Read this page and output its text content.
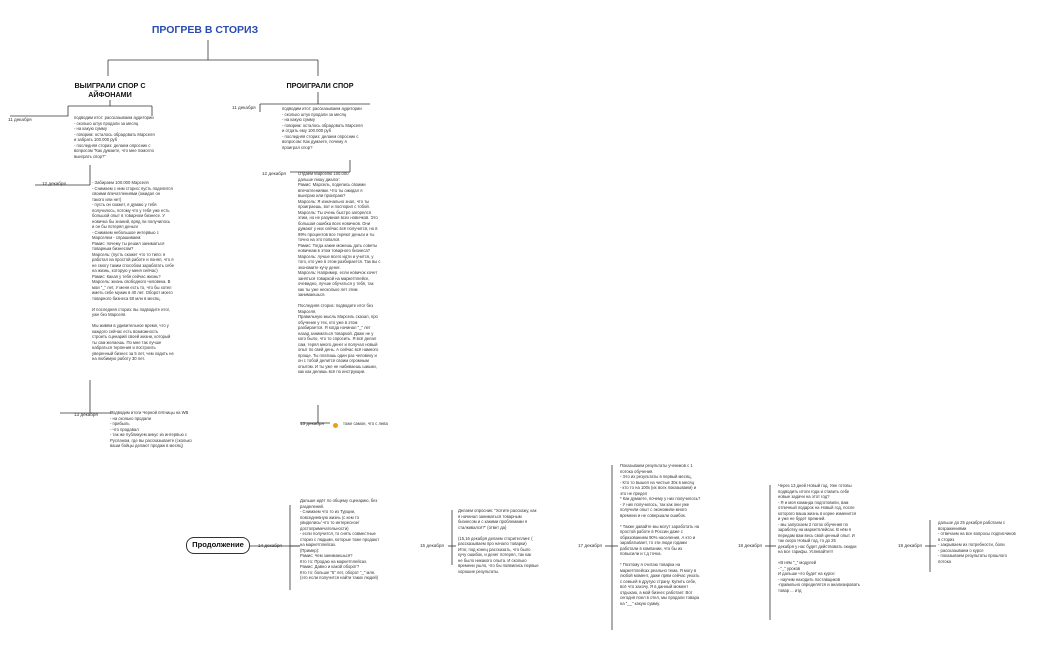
ПРОГРЕВ В СТОРИЗ
ВЫИГРАЛИ СПОР С АЙФОНАМИ
ПРОИГРАЛИ СПОР
11 декабря	подводим итог: рассказываем аудитории
- сколько штук продали за месяц
- на какую сумму
- говорим: осталось обрадовать Марселя
и забрать 100.000 руб
- последняя сториз: делаем опросник с
вопросом "Как думаете, что мне помогло
выиграть спор?"
12 декабря	- Забираем 100.000 Марселя
- Снимаем с ним сториз: пусть поделится
своими впечатлениями (ожидал он
такого или нет)
- пусть он скажет, я думаю у тебя
получилось, потому что у тебя уже есть
большой опыт в товарном бизнесе. У
новичка бы знаний, вряд ли получилось
и он бы потерял деньги
- Снимаем небольшое интервью с
Марселем - спрашиваем:
Рамис: почему ты решил заниматься
товарным бизнесом?
Марсель: (пусть скажет что то типо: я
работал на простой работе и понял, что я
не смогу таким способом зарабатать себе
на жизнь, которую у меня сейчас)
Рамис: Какая у тебя сейчас жизнь?
Марсель: жизнь свободного человека. В
мои "_" лет, У меня есть то, что бы хотел
иметь себе мужик в 40 лет. Оборот моего
товарного бизнеса 50 млн в месяц.

И последняя сториз: вы подводите итог,
уже без Марселя.

Мы живём в удивительное время, что у
каждого сейчас есть возможность
строить сценарий своей жизни, который
ты сам желаешь. По мне так лучше
набраться терпения и построить
уверенный бизнес за 5 лет, чем ходить не
на любимую работу 30 лет.
13 декабря	Подводим итоги Черной пятницы на WB
- на сколько продали
- прибыль
- что продавал
- так же публикуем анкус из интервью с
Русланом, где вы рассказываете (сколько
ваши бойцы делают продаж в месяц)
11 декабря	подводим итог: рассказываем аудитории
- сколько штук продали за месяц
- на какую сумму
- говорим: осталось обрадовать Марселя
и отдать ему 100.000 руб
- последняя сториз: делаем опросник с
вопросом: Как думаете, почему я
проиграл спор?
12 декабря	Отдаём Марселю 100.000
дальше пишу диалог:
Рамис: Марсель, поделись своими
впечатлениями. Что ты ожидал я
выиграю или проиграю?
Марсель: Я изначально знал, что ты
проиграешь, вот и поспорил с тобой.
Марсель: Ты очень быстро загорелся
этим, но не разумная всех новичков. Это
большая ошибка всех новичков. Они
думают у них сейчас всё получится, но в
99% процентов все теряют деньги и ты
точно на это попался.
Рамис: Тогда какие можешь дать советы
новичкам в этом товарного бизнеса?
Марсель: лучше всего идти и учится, у
того, кто уже в этом разбирается. Так вы с
экономите кучу денег.
Марсель: Например, если новичок хочет
заняться товаркой на маркетплейсе,
очевидно, лучше обучаться у тебя, так
как ты уже несколько лет этим
занимаешься.

Последняя сториз: подводите итог без
Марселя.
Правильную мысль Марсель сказал, про
обучение у тех, кто уже в этом
разбирается. Я когда начинал "_" лет
назад заниматься товаркой. Даже не у
кого было, что то спросить. Я всё делал
сам, терял много денег и получал новый
опыт по свей день. А сейчас всё намного
проще. Ты платишь один раз человеку и
он с тобой делится своим огромным
опытом. И ты уже не набиваешь шишки,
как как делишь всё по инструкции.
13 декабря	тоже самое, что с лева
Продолжение	14 декабря
Дальше идёт по общему сценарию, без
разделений.
- Снимаем что то из Турции,
повседневную жизнь (с кем то
увиделись/ что то интересное/
достопримечательности)
- если получится, то снять совместные
сториз с людьми, которые тоже продают
на маркетплейсах.
(Пример):
Рамис: Чем занимаешься?
Кто то: Продаю на маркетплейсах.
Рамис: Давно и какой оборот?
Кто то: больше "5" лет, оборот "_" млн.
(это если получится найти таких людей)
15 декабря
Делаем опросник: "Хотите расскажу, как
я начинал заниматься товарным
бизнесом и с какими проблемами я
сталкивался?" (ответ да)

(15,16 декабря делаем сторителлинг (
рассказываем про начало товарки)
Итог, под конец рассказать, что было
кучу ошибок, и денег потерял, так как
не было никакого опыта. И сколько
времени ушло, что бы появились первые
хорошие результаты.
17 декабря
Показываем результаты учеников с 1
потока обучения.
- Это их результаты в первый месяц,
- Кто то вышел на чистые 30к в месяц
- кто то на 100к (их всех показываем) и
это не предел
* Как думаете, почему у них получилось?
- У них получилось, так как они уже
получили опыт с экономили много
времени и не совершали ошибок.

* Также давайте мы могут заработать на
простой работе в России даже с
образованием 90% населения, А кто и
зарабатывает, то эти люди годами
работали в компании, что бы их
повысили и т.д точка.

* Поэтому я считаю товарка на
маркетплейсах реально тема. Я могу в
любой момент, даже прям сейчас уехать
с семьей в другую страну. Купить себе,
всё что захочу. Я в данный момент
отдыхаю, а мой бизнес работает. Вот
сегодня поел в отел, мы продали товара
на "__" какую сумму.
18 декабря
Через 13 дней Новый год. Уже готовы
подводить итоги года и ставить себе
новые задачи на этот год?
- Я и моя команда подготовили, вам
отличный подарок на Новый год, после
которого ваша жизнь в корне изменится
и уже не будет прежней.
- мы запускаем 2 поток обучения по
заработку на маркетплейсах. В нём я
передам вам весь свой ценный опыт. И
так скоро Новый год, то до 25
декабря у нас будет действовать скидки
на все тарифы. Успевайте!!!

«В нём "_" модулей
- "_" уроков
И дальше что будет на курсе:
- научим находить поставщиков
-правильно определятся и анализировать
товар ... итд
19 декабря
дальше до 25 декабря работаем с
возражениями
- отвечаем на все вопросы подписчиков
в сториз
- закрываем их потребности, боли
- рассказываем о курсе
- показываем результаты прошлого
потока
